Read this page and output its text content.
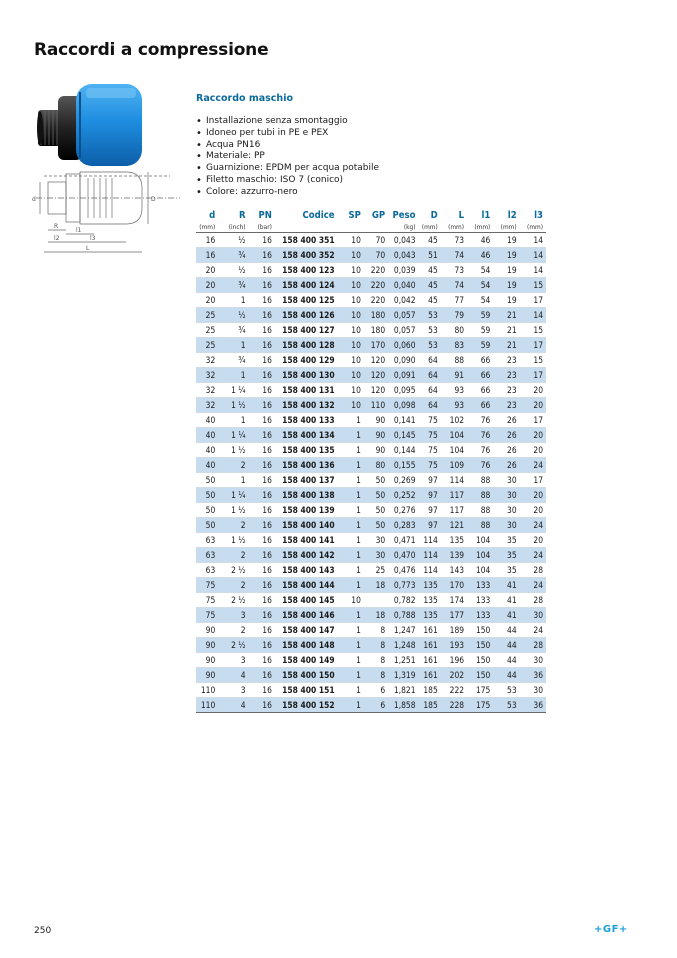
Raccordi a compressione
d
R
D
l1
l2	l3
L
Raccordo maschio
• Installazione senza smontaggio
• Idoneo per tubi in PE e PEX
• Acqua PN16
• Materiale: PP
• Guarnizione: EPDM per acqua potabile
• Filetto maschio: ISO 7 (conico)
• Colore: azzurro-nero
d	R	PN	Codice	SP	GP	Peso	D	L	l1	l2	l3
(mm)	(inch)	(bar)				(kg)	(mm)	(mm)	(mm)	(mm)	(mm)
16	½	16	158 400 351	10	70	0,043	45	73	46	19	14
16	¾	16	158 400 352	10	70	0,043	51	74	46	19	14
20	½	16	158 400 123	10	220	0,039	45	73	54	19	14
20	¾	16	158 400 124	10	220	0,040	45	74	54	19	15
20	1	16	158 400 125	10	220	0,042	45	77	54	19	17
25	½	16	158 400 126	10	180	0,057	53	79	59	21	14
25	¾	16	158 400 127	10	180	0,057	53	80	59	21	15
25	1	16	158 400 128	10	170	0,060	53	83	59	21	17
32	¾	16	158 400 129	10	120	0,090	64	88	66	23	15
32	1	16	158 400 130	10	120	0,091	64	91	66	23	17
32	1 ¼	16	158 400 131	10	120	0,095	64	93	66	23	20
32	1 ½	16	158 400 132	10	110	0,098	64	93	66	23	20
40	1	16	158 400 133	1	90	0,141	75	102	76	26	17
40	1 ¼	16	158 400 134	1	90	0,145	75	104	76	26	20
40	1 ½	16	158 400 135	1	90	0,144	75	104	76	26	20
40	2	16	158 400 136	1	80	0,155	75	109	76	26	24
50	1	16	158 400 137	1	50	0,269	97	114	88	30	17
50	1 ¼	16	158 400 138	1	50	0,252	97	117	88	30	20
50	1 ½	16	158 400 139	1	50	0,276	97	117	88	30	20
50	2	16	158 400 140	1	50	0,283	97	121	88	30	24
63	1 ½	16	158 400 141	1	30	0,471	114	135	104	35	20
63	2	16	158 400 142	1	30	0,470	114	139	104	35	24
63	2 ½	16	158 400 143	1	25	0,476	114	143	104	35	28
75	2	16	158 400 144	1	18	0,773	135	170	133	41	24
75	2 ½	16	158 400 145	10		0,782	135	174	133	41	28
75	3	16	158 400 146	1	18	0,788	135	177	133	41	30
90	2	16	158 400 147	1	8	1,247	161	189	150	44	24
90	2 ½	16	158 400 148	1	8	1,248	161	193	150	44	28
90	3	16	158 400 149	1	8	1,251	161	196	150	44	30
90	4	16	158 400 150	1	8	1,319	161	202	150	44	36
110	3	16	158 400 151	1	6	1,821	185	222	175	53	30
110	4	16	158 400 152	1	6	1,858	185	228	175	53	36
250	+GF+
